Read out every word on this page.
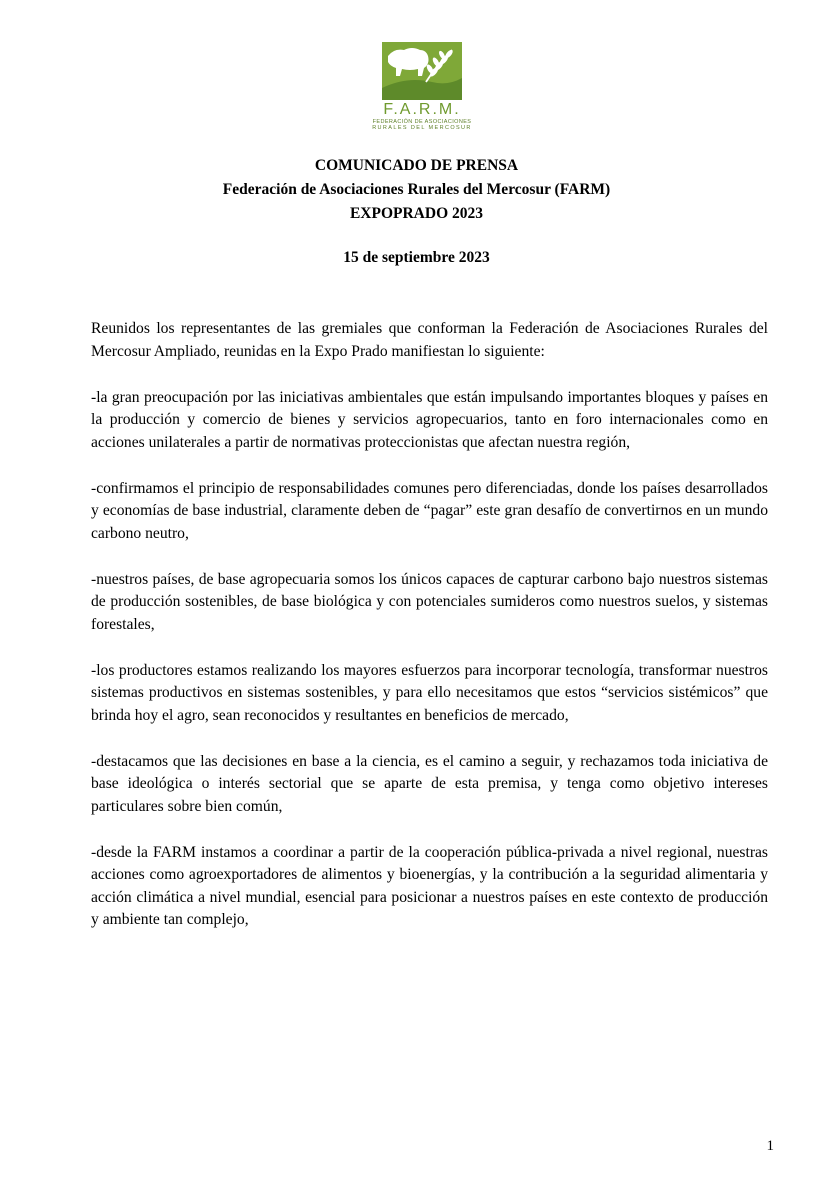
F.A.R.M.
FEDERACIÓN DE ASOCIACIONES
RURALES DEL MERCOSUR
COMUNICADO DE PRENSA
Federación de Asociaciones Rurales del Mercosur (FARM)
EXPOPRADO 2023
15 de septiembre 2023

Reunidos los representantes de las gremiales que conforman la Federación de Asociaciones Rurales del Mercosur Ampliado, reunidas en la Expo Prado manifiestan lo siguiente:

-la gran preocupación por las iniciativas ambientales que están impulsando importantes bloques y países en la producción y comercio de bienes y servicios agropecuarios, tanto en foro internacionales como en acciones unilaterales a partir de normativas proteccionistas que afectan nuestra región,

-confirmamos el principio de responsabilidades comunes pero diferenciadas, donde los países desarrollados y economías de base industrial, claramente deben de “pagar” este gran desafío de convertirnos en un mundo carbono neutro,

-nuestros países, de base agropecuaria somos los únicos capaces de capturar carbono bajo nuestros sistemas de producción sostenibles, de base biológica y con potenciales sumideros como nuestros suelos, y sistemas forestales,

-los productores estamos realizando los mayores esfuerzos para incorporar tecnología, transformar nuestros sistemas productivos en sistemas sostenibles, y para ello necesitamos que estos “servicios sistémicos” que brinda hoy el agro, sean reconocidos y resultantes en beneficios de mercado,

-destacamos que las decisiones en base a la ciencia, es el camino a seguir, y rechazamos toda iniciativa de base ideológica o interés sectorial que se aparte de esta premisa, y tenga como objetivo intereses particulares sobre bien común,

-desde la FARM instamos a coordinar a partir de la cooperación pública-privada a nivel regional, nuestras acciones como agroexportadores de alimentos y bioenergías, y la contribución a la seguridad alimentaria y acción climática a nivel mundial, esencial para posicionar a nuestros países en este contexto de producción y ambiente tan complejo,

1
